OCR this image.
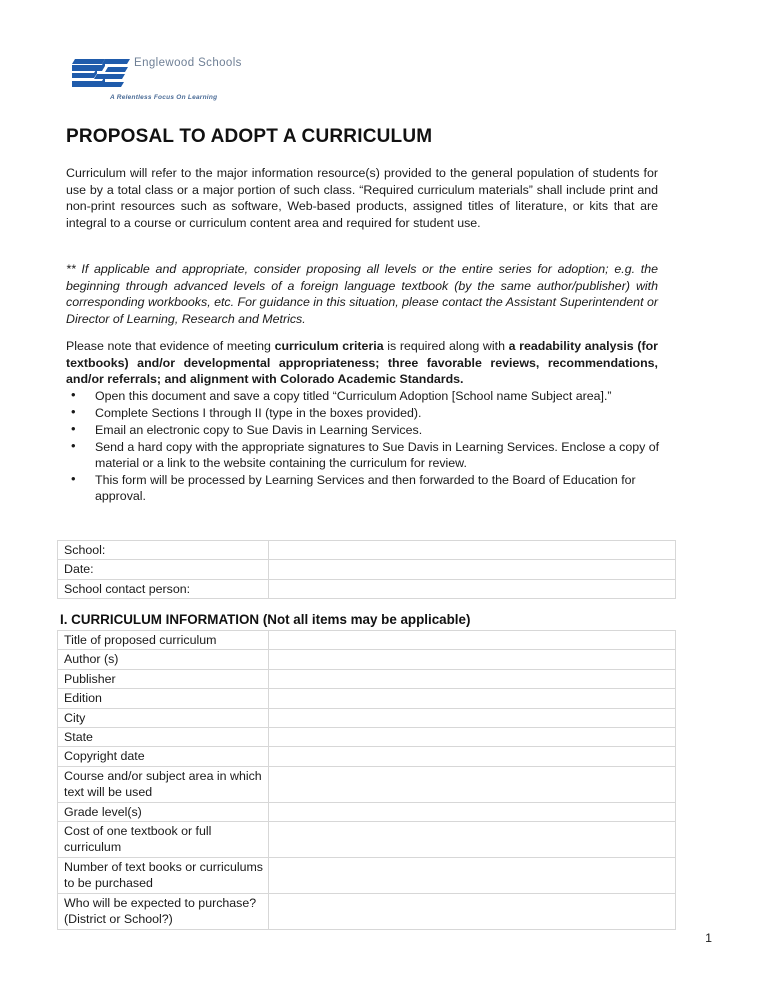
Englewood Schools
A Relentless Focus On Learning
PROPOSAL TO ADOPT A CURRICULUM

Curriculum will refer to the major information resource(s) provided to the general population of students for use by a total class or a major portion of such class. “Required curriculum materials” shall include print and non-print resources such as software, Web-based products, assigned titles of literature, or kits that are integral to a course or curriculum content area and required for student use.

** If applicable and appropriate, consider proposing all levels or the entire series for adoption; e.g. the beginning through advanced levels of a foreign language textbook (by the same author/publisher) with corresponding workbooks, etc. For guidance in this situation, please contact the Assistant Superintendent or Director of Learning, Research and Metrics.

Please note that evidence of meeting curriculum criteria is required along with a readability analysis (for textbooks) and/or developmental appropriateness; three favorable reviews, recommendations, and/or referrals; and alignment with Colorado Academic Standards.

• Open this document and save a copy titled “Curriculum Adoption [School name Subject area].”
• Complete Sections I through II (type in the boxes provided).
• Email an electronic copy to Sue Davis in Learning Services.
• Send a hard copy with the appropriate signatures to Sue Davis in Learning Services. Enclose a copy of material or a link to the website containing the curriculum for review.
• This form will be processed by Learning Services and then forwarded to the Board of Education for approval.
School:	
Date:	
School contact person:	
I. CURRICULUM INFORMATION (Not all items may be applicable)
Title of proposed curriculum	
Author (s)	
Publisher	
Edition	
City	
State	
Copyright date	
Course and/or subject area in which text will be used	
Grade level(s)	
Cost of one textbook or full curriculum	
Number of text books or curriculums to be purchased	
Who will be expected to purchase? (District or School?)	
1
